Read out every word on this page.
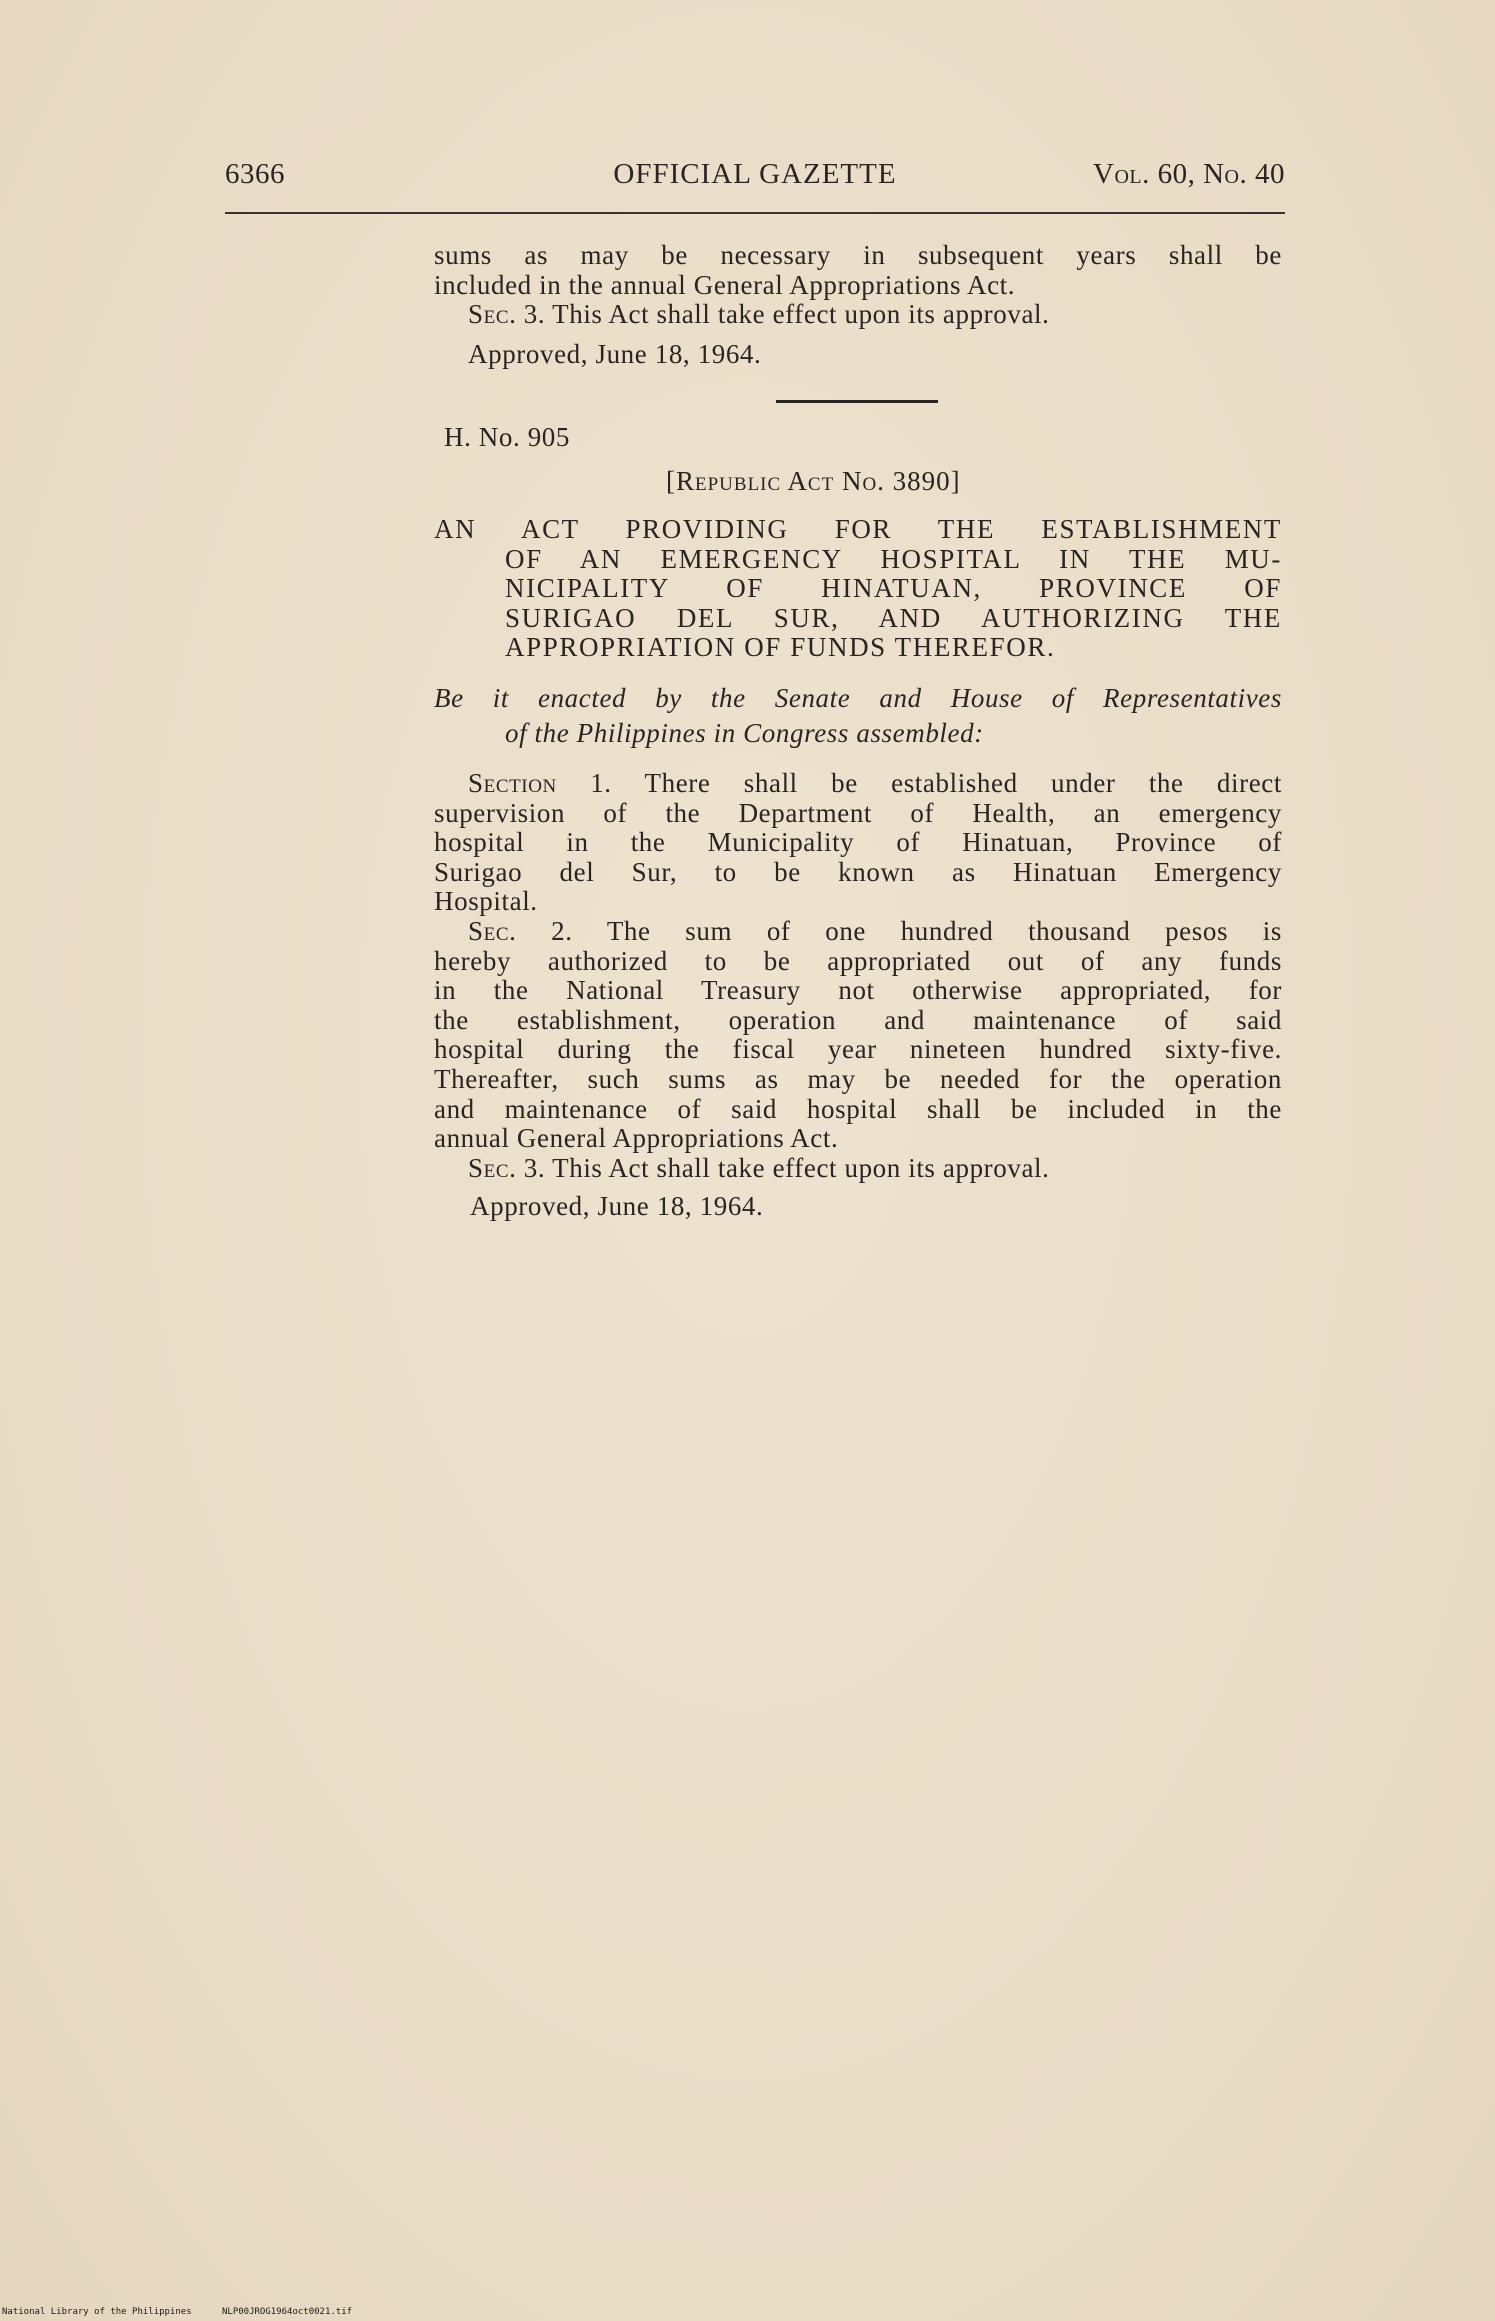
6366	OFFICIAL GAZETTE	Vol. 60, No. 40
sums as may be necessary in subsequent years shall be
included in the annual General Appropriations Act.
Sec. 3. This Act shall take effect upon its approval.
Approved, June 18, 1964.
H. No. 905
[Republic Act No. 3890]
AN ACT PROVIDING FOR THE ESTABLISHMENT
OF AN EMERGENCY HOSPITAL IN THE MU-
NICIPALITY OF HINATUAN, PROVINCE OF
SURIGAO DEL SUR, AND AUTHORIZING THE
APPROPRIATION OF FUNDS THEREFOR.
Be it enacted by the Senate and House of Representatives
of the Philippines in Congress assembled:
Section 1. There shall be established under the direct
supervision of the Department of Health, an emergency
hospital in the Municipality of Hinatuan, Province of
Surigao del Sur, to be known as Hinatuan Emergency
Hospital.
Sec. 2. The sum of one hundred thousand pesos is
hereby authorized to be appropriated out of any funds
in the National Treasury not otherwise appropriated, for
the establishment, operation and maintenance of said
hospital during the fiscal year nineteen hundred sixty-five.
Thereafter, such sums as may be needed for the operation
and maintenance of said hospital shall be included in the
annual General Appropriations Act.
Sec. 3. This Act shall take effect upon its approval.
Approved, June 18, 1964.
National Library of the Philippines	NLP00JROG1964oct0021.tif
